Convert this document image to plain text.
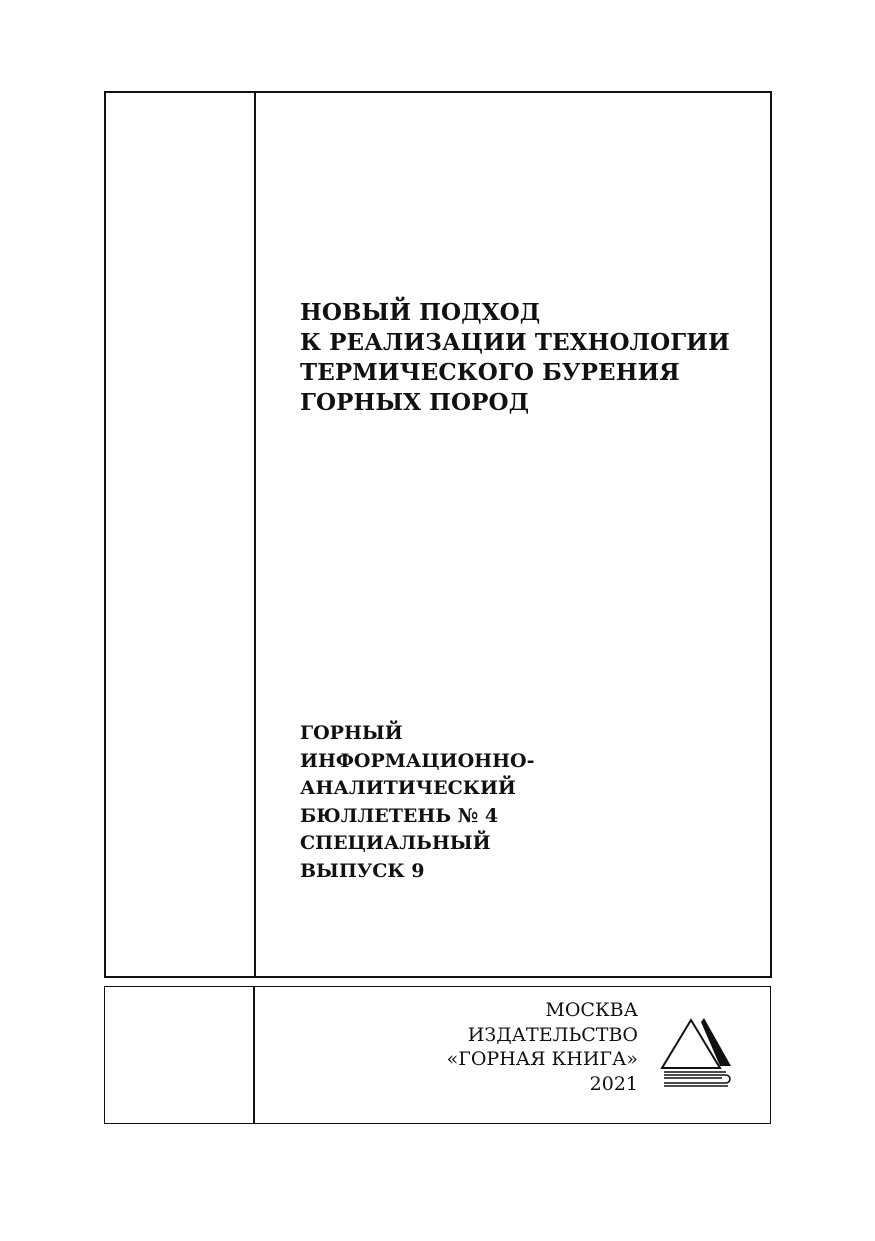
НОВЫЙ ПОДХОД
К РЕАЛИЗАЦИИ ТЕХНОЛОГИИ
ТЕРМИЧЕСКОГО БУРЕНИЯ
ГОРНЫХ ПОРОД
ГОРНЫЙ
ИНФОРМАЦИОННО-
АНАЛИТИЧЕСКИЙ
БЮЛЛЕТЕНЬ № 4
СПЕЦИАЛЬНЫЙ
ВЫПУСК 9
МОСКВА
ИЗДАТЕЛЬСТВО
«ГОРНАЯ КНИГА»
2021
